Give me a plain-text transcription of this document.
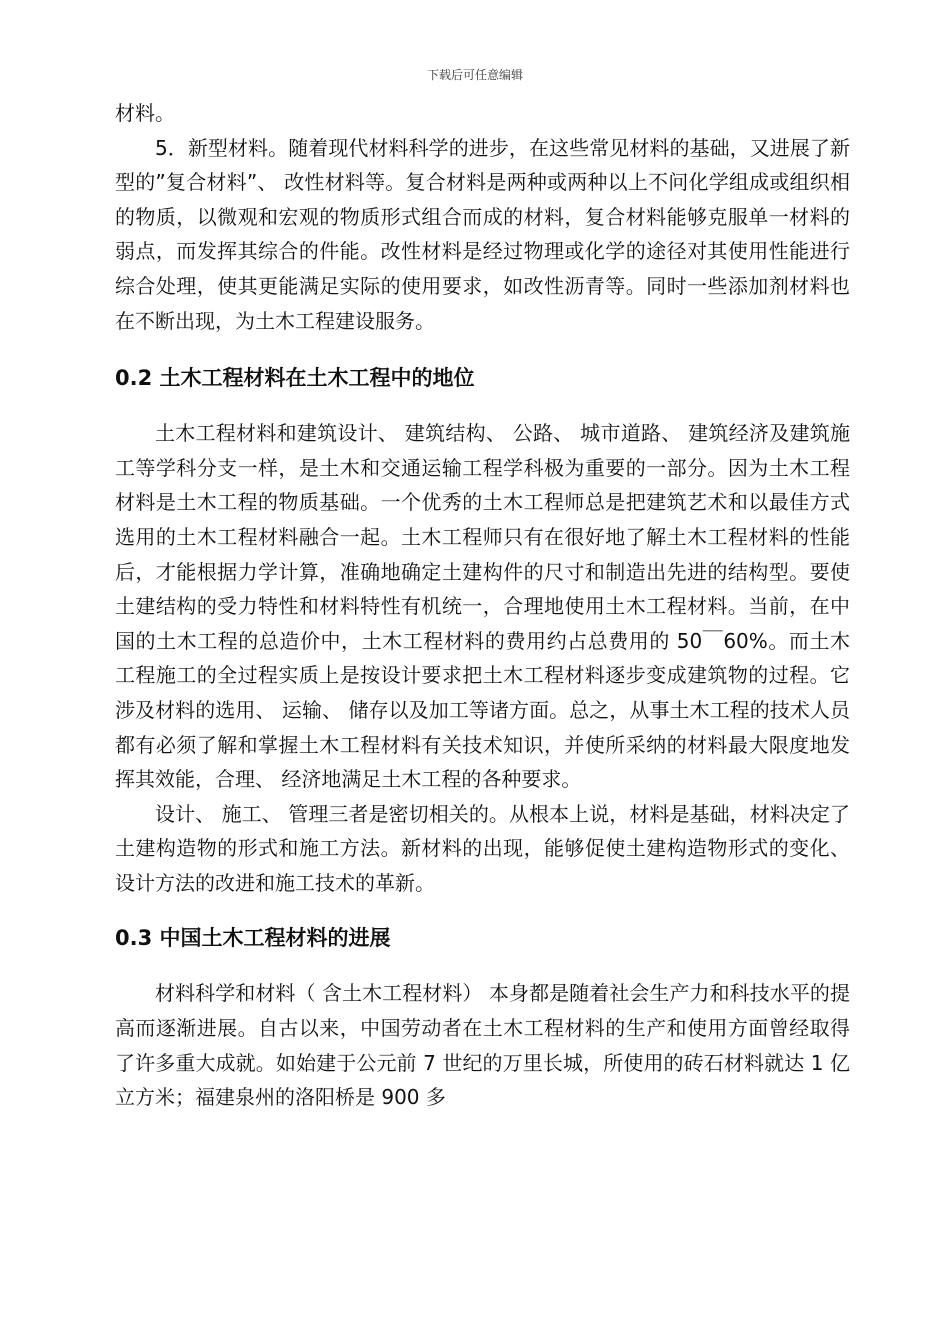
下载后可任意编辑

材料。

5．新型材料。随着现代材料科学的进步，在这些常见材料的基础，又进展了新型的”复合材料”、 改性材料等。复合材料是两种或两种以上不问化学组成或组织相的物质，以微观和宏观的物质形式组合而成的材料，复合材料能够克服单一材料的弱点，而发挥其综合的件能。改性材料是经过物理或化学的途径对其使用性能进行综合处理，使其更能满足实际的使用要求，如改性沥青等。同时一些添加剂材料也在不断出现，为土木工程建设服务。

0.2 土木工程材料在土木工程中的地位

土木工程材料和建筑设计、 建筑结构、 公路、 城市道路、 建筑经济及建筑施工等学科分支一样，是土木和交通运输工程学科极为重要的一部分。因为土木工程材料是土木工程的物质基础。一个优秀的土木工程师总是把建筑艺术和以最佳方式选用的土木工程材料融合一起。土木工程师只有在很好地了解土木工程材料的性能后，才能根据力学计算，准确地确定土建构件的尺寸和制造出先进的结构型。要使土建结构的受力特性和材料特性有机统一，合理地使用土木工程材料。当前，在中国的土木工程的总造价中，土木工程材料的费用约占总费用的 50￣60%。而土木工程施工的全过程实质上是按设计要求把土木工程材料逐步变成建筑物的过程。它涉及材料的选用、 运输、 储存以及加工等诸方面。总之，从事土木工程的技术人员都有必须了解和掌握土木工程材料有关技术知识，并使所采纳的材料最大限度地发挥其效能，合理、 经济地满足土木工程的各种要求。

设计、 施工、 管理三者是密切相关的。从根本上说，材料是基础，材料决定了土建构造物的形式和施工方法。新材料的出现，能够促使土建构造物形式的变化、 设计方法的改进和施工技术的革新。

0.3 中国土木工程材料的进展

材料科学和材料（ 含土木工程材料） 本身都是随着社会生产力和科技水平的提高而逐渐进展。自古以来，中国劳动者在土木工程材料的生产和使用方面曾经取得了许多重大成就。如始建于公元前 7 世纪的万里长城，所使用的砖石材料就达 1 亿立方米；福建泉州的洛阳桥是 900 多
